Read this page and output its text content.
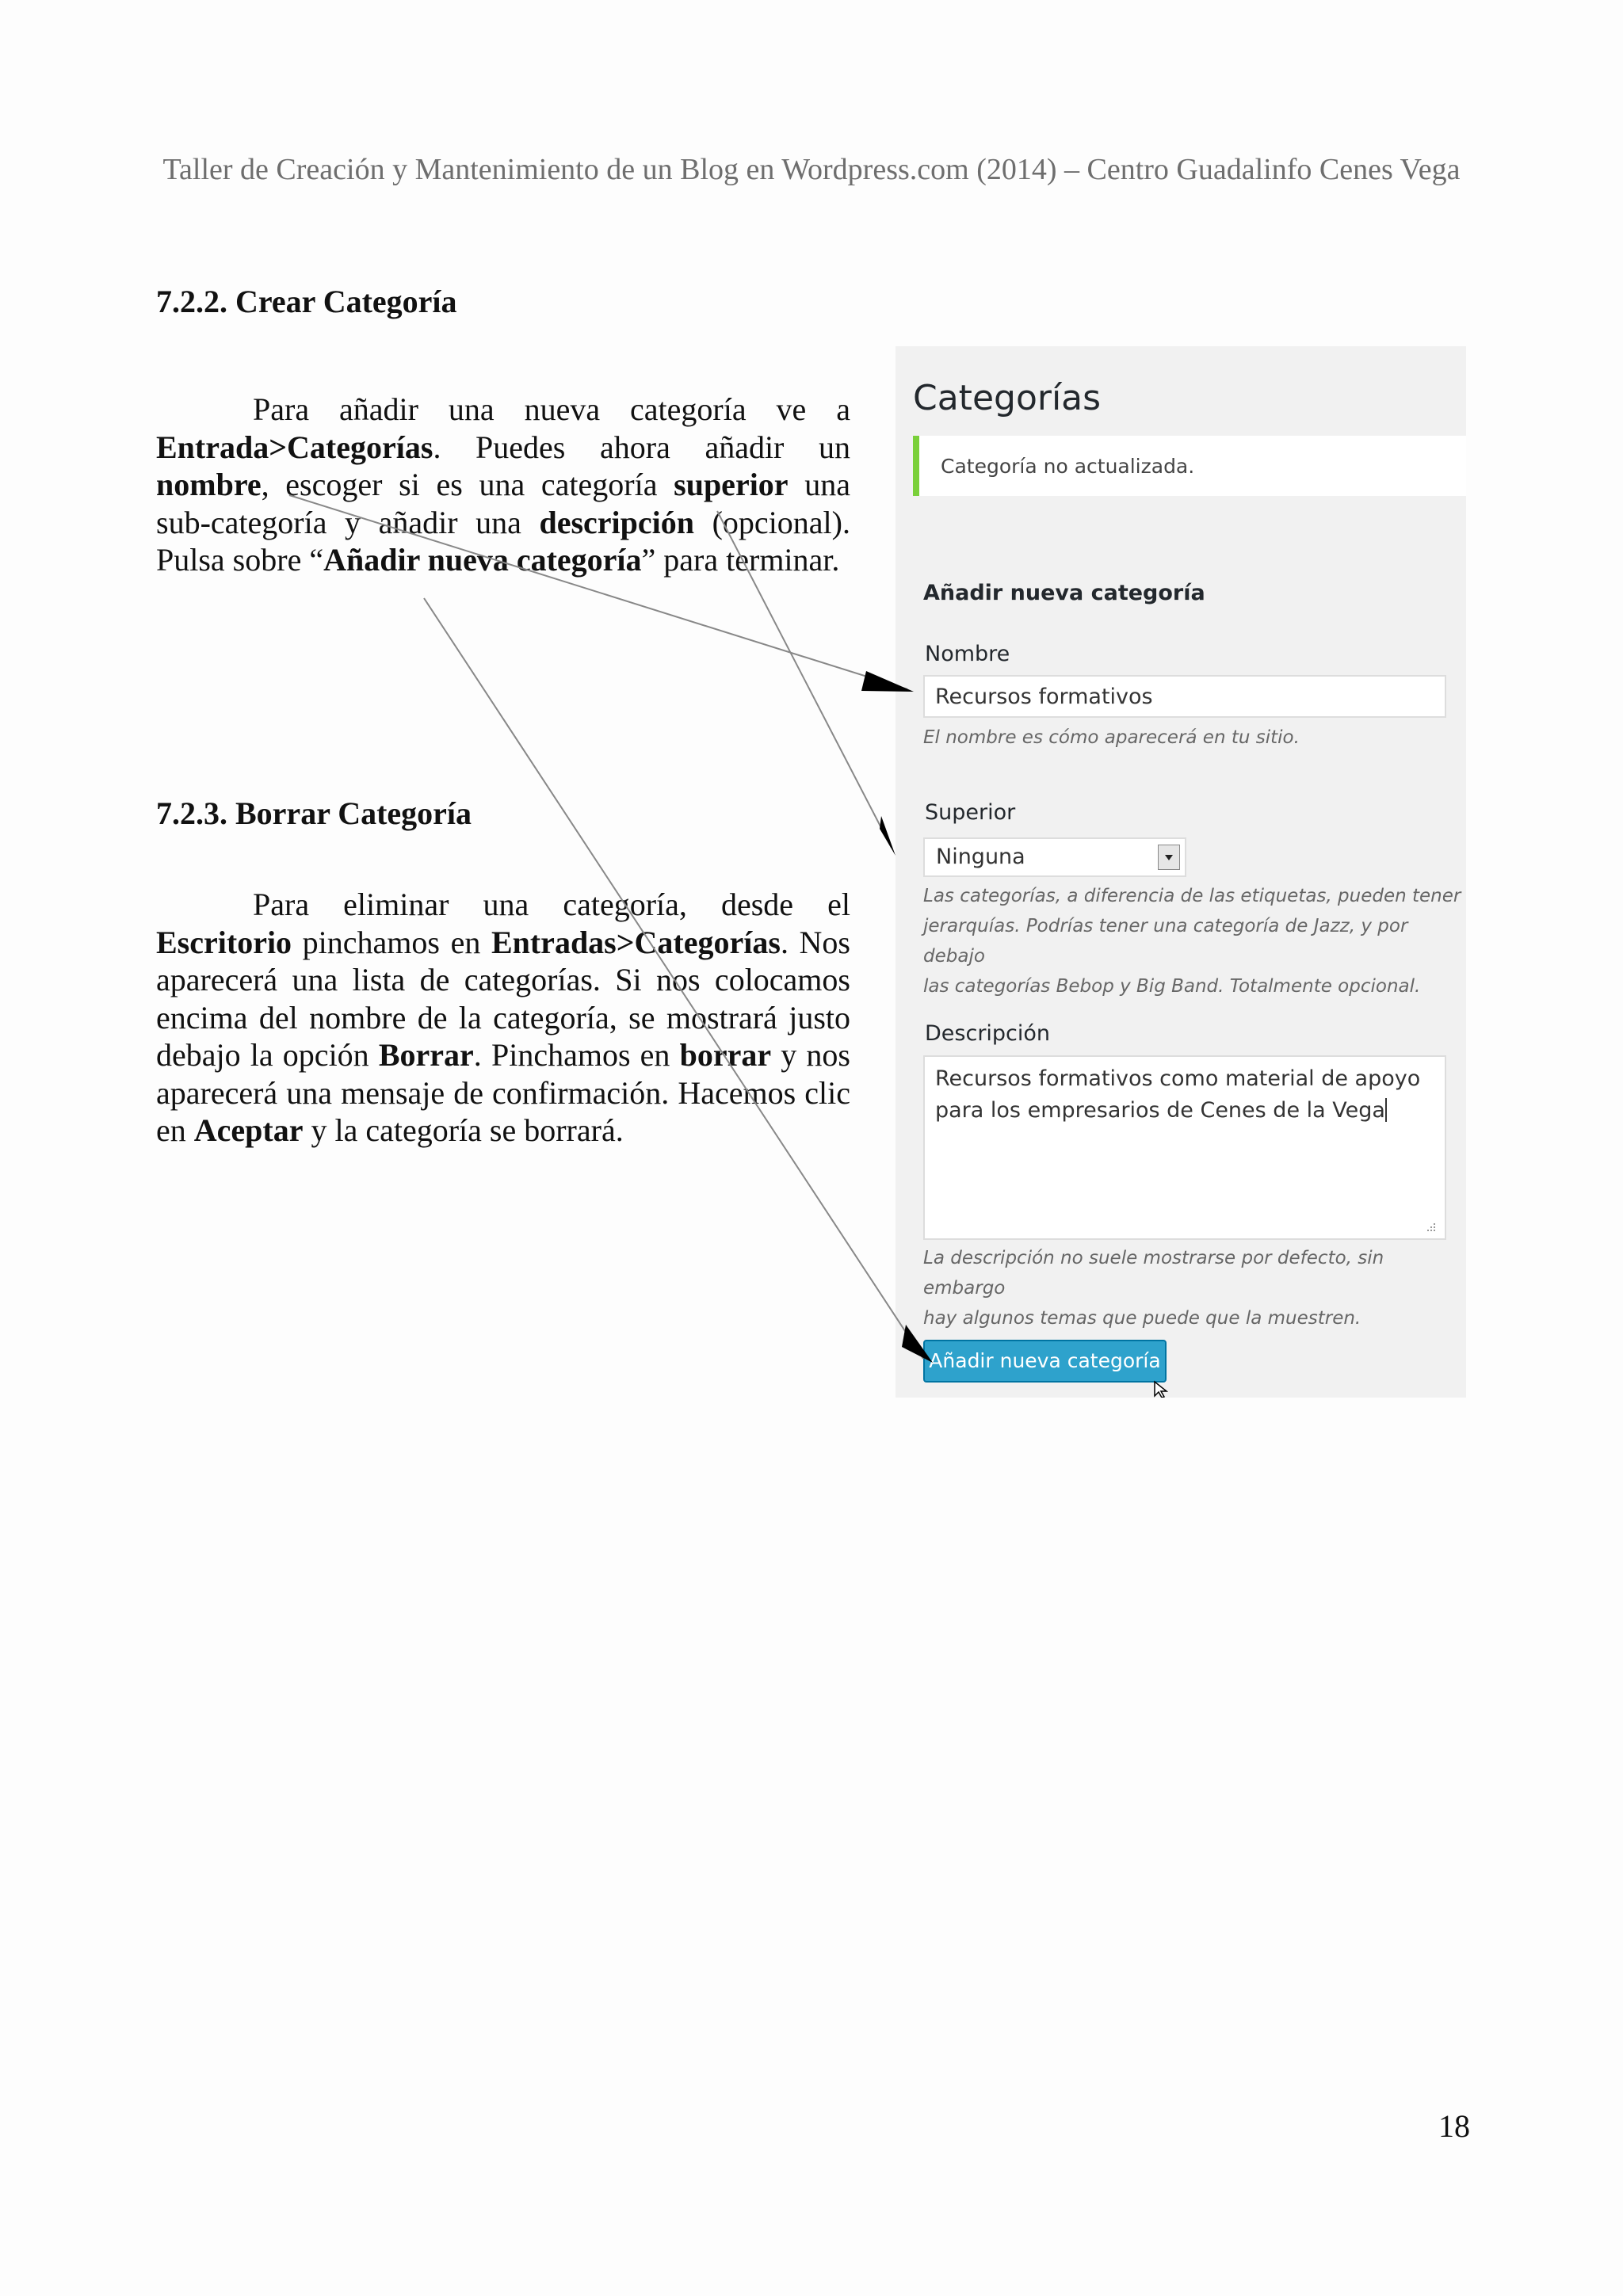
Taller de Creación y Mantenimiento de un Blog en Wordpress.com (2014) – Centro Guadalinfo Cenes Vega
7.2.2. Crear Categoría
Para añadir una nueva categoría ve a Entrada>Categorías. Puedes ahora añadir un nombre, escoger si es una categoría superior una sub-categoría y añadir una descripción (opcional). Pulsa sobre “Añadir nueva categoría” para terminar.
7.2.3. Borrar Categoría
Para eliminar una categoría, desde el Escritorio pinchamos en Entradas>Categorías. Nos aparecerá una lista de categorías. Si nos colocamos encima del nombre de la categoría, se mostrará justo debajo la opción Borrar. Pinchamos en borrar y nos aparecerá una mensaje de confirmación. Hacemos clic en Aceptar y la categoría se borrará.
Categorías
Categoría no actualizada.
Añadir nueva categoría
Nombre
Recursos formativos
El nombre es cómo aparecerá en tu sitio.
Superior
Ninguna
Las categorías, a diferencia de las etiquetas, pueden tener
jerarquías. Podrías tener una categoría de Jazz, y por debajo
las categorías Bebop y Big Band. Totalmente opcional.
Descripción
Recursos formativos como material de apoyo
para los empresarios de Cenes de la Vega
La descripción no suele mostrarse por defecto, sin embargo
hay algunos temas que puede que la muestren.
Añadir nueva categoría
18
